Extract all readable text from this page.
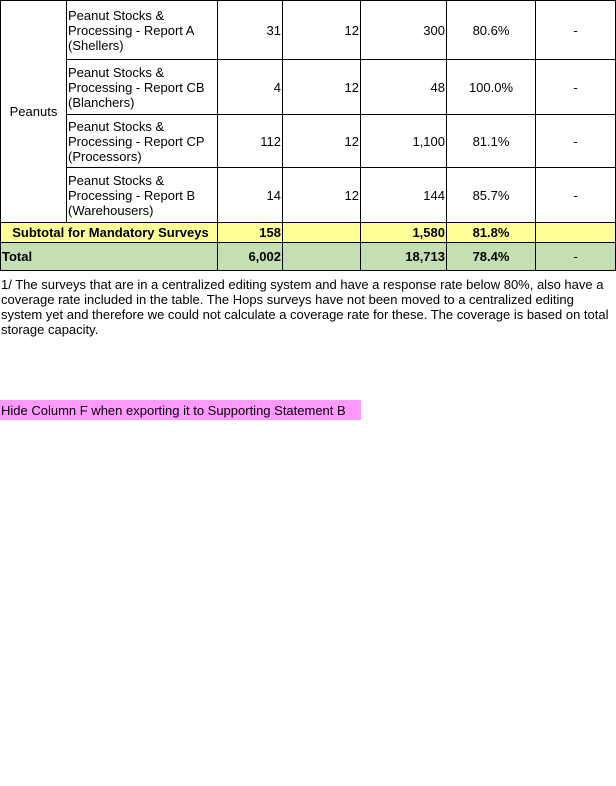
Peanuts	Peanut Stocks & Processing - Report A (Shellers)	31	12	300	80.6%	-
	Peanut Stocks & Processing - Report CB (Blanchers)	4	12	48	100.0%	-
	Peanut Stocks & Processing - Report CP (Processors)	112	12	1,100	81.1%	-
	Peanut Stocks & Processing - Report B (Warehousers)	14	12	144	85.7%	-
Subtotal for Mandatory Surveys		158		1,580	81.8%	
Total		6,002		18,713	78.4%	-
1/ The surveys that are in a centralized editing system and have a response rate below 80%, also have a coverage rate included in the table. The Hops surveys have not been moved to a centralized editing system yet and therefore we could not calculate a coverage rate for these. The coverage is based on total storage capacity.
Hide Column F when exporting it to Supporting Statement B
